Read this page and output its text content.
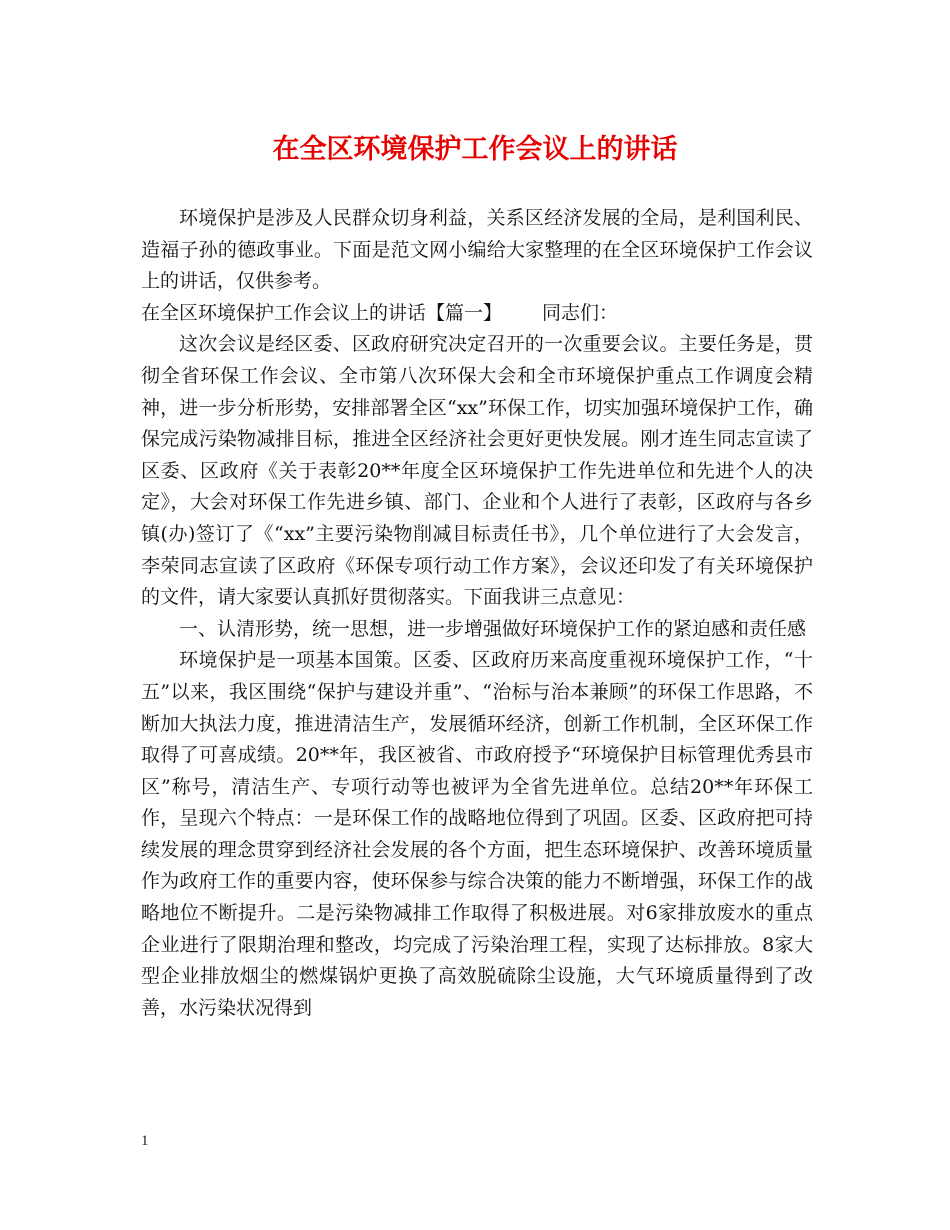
在全区环境保护工作会议上的讲话

环境保护是涉及人民群众切身利益，关系区经济发展的全局，是利国利民、造福子孙的德政事业。下面是范文网小编给大家整理的在全区环境保护工作会议上的讲话，仅供参考。

在全区环境保护工作会议上的讲话【篇一】 同志们：

这次会议是经区委、区政府研究决定召开的一次重要会议。主要任务是，贯彻全省环保工作会议、全市第八次环保大会和全市环境保护重点工作调度会精神，进一步分析形势，安排部署全区“xx”环保工作，切实加强环境保护工作，确保完成污染物减排目标，推进全区经济社会更好更快发展。刚才连生同志宣读了区委、区政府《关于表彰20**年度全区环境保护工作先进单位和先进个人的决定》，大会对环保工作先进乡镇、部门、企业和个人进行了表彰，区政府与各乡镇(办)签订了《“xx”主要污染物削减目标责任书》，几个单位进行了大会发言，李荣同志宣读了区政府《环保专项行动工作方案》，会议还印发了有关环境保护的文件，请大家要认真抓好贯彻落实。下面我讲三点意见：

一、认清形势，统一思想，进一步增强做好环境保护工作的紧迫感和责任感

环境保护是一项基本国策。区委、区政府历来高度重视环境保护工作，“十五”以来，我区围绕“保护与建设并重”、“治标与治本兼顾”的环保工作思路，不断加大执法力度，推进清洁生产，发展循环经济，创新工作机制，全区环保工作取得了可喜成绩。20**年，我区被省、市政府授予“环境保护目标管理优秀县市区”称号，清洁生产、专项行动等也被评为全省先进单位。总结20**年环保工作，呈现六个特点：一是环保工作的战略地位得到了巩固。区委、区政府把可持续发展的理念贯穿到经济社会发展的各个方面，把生态环境保护、改善环境质量作为政府工作的重要内容，使环保参与综合决策的能力不断增强，环保工作的战略地位不断提升。二是污染物减排工作取得了积极进展。对6家排放废水的重点企业进行了限期治理和整改，均完成了污染治理工程，实现了达标排放。8家大型企业排放烟尘的燃煤锅炉更换了高效脱硫除尘设施，大气环境质量得到了改善，水污染状况得到

1
